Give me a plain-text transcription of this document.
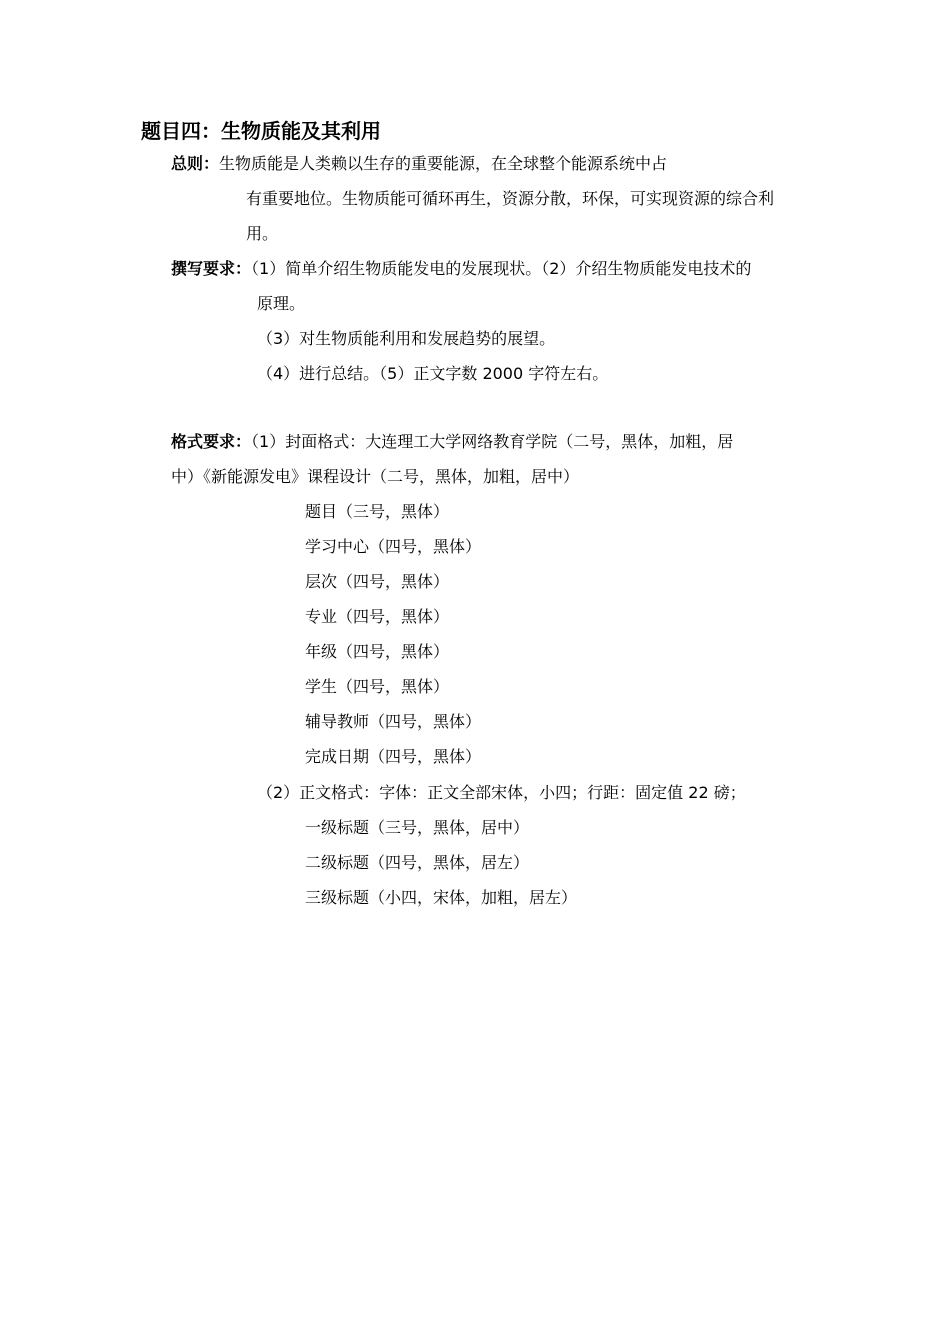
题目四：生物质能及其利用
总则：生物质能是人类赖以生存的重要能源，在全球整个能源系统中占
有重要地位。生物质能可循环再生，资源分散，环保，可实现资源的综合利
用。
撰写要求：（1）简单介绍生物质能发电的发展现状。（2）介绍生物质能发电技术的
原理。
（3）对生物质能利用和发展趋势的展望。
（4）进行总结。（5）正文字数 2000 字符左右。
格式要求：（1）封面格式：大连理工大学网络教育学院（二号，黑体，加粗，居
中）《新能源发电》课程设计（二号，黑体，加粗，居中）
题目（三号，黑体）
学习中心（四号，黑体）
层次（四号，黑体）
专业（四号，黑体）
年级（四号，黑体）
学生（四号，黑体）
辅导教师（四号，黑体）
完成日期（四号，黑体）
（2）正文格式：字体：正文全部宋体，小四；行距：固定值 22 磅；
一级标题（三号，黑体，居中）
二级标题（四号，黑体，居左）
三级标题（小四，宋体，加粗，居左）
